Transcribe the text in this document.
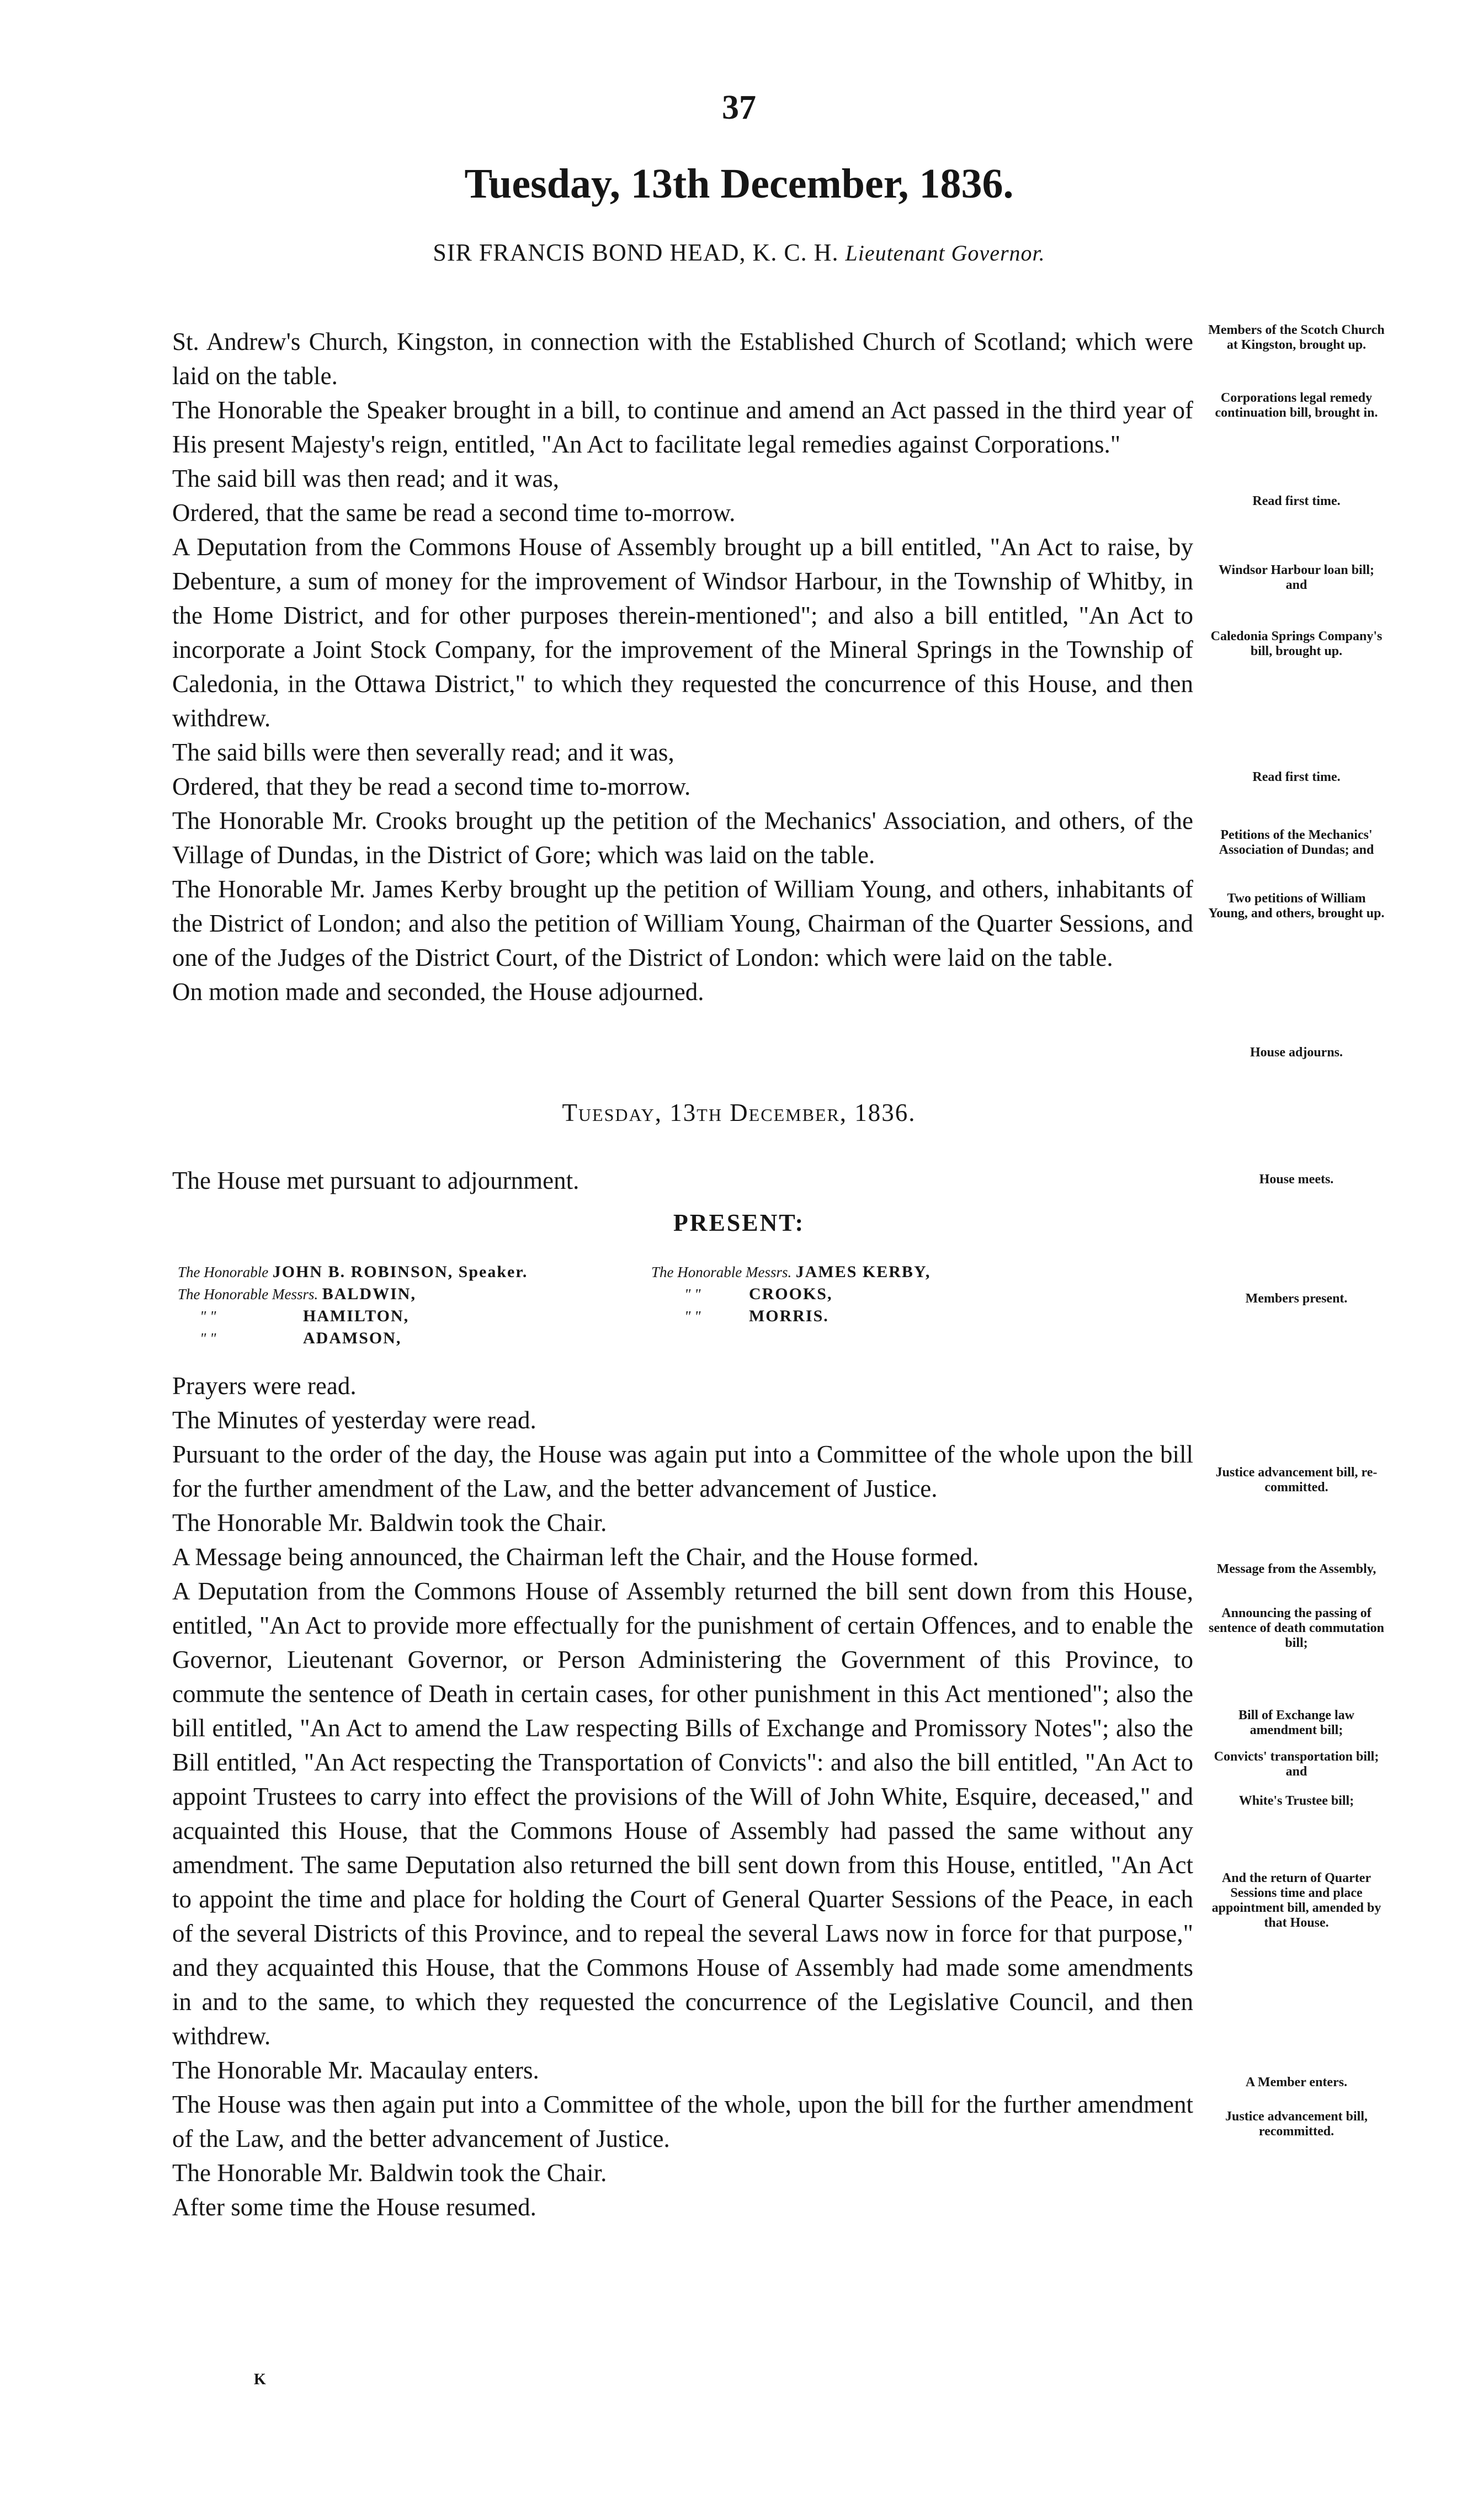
37
Tuesday, 13th December, 1836.
SIR FRANCIS BOND HEAD, K. C. H. Lieutenant Governor.

St. Andrew's Church, Kingston, in connection with the Established Church of Scotland; which were laid on the table.

The Honorable the Speaker brought in a bill, to continue and amend an Act passed in the third year of His present Majesty's reign, entitled, "An Act to facilitate legal remedies against Corporations."

The said bill was then read; and it was,

Ordered, that the same be read a second time to-morrow.

A Deputation from the Commons House of Assembly brought up a bill entitled, "An Act to raise, by Debenture, a sum of money for the improvement of Windsor Harbour, in the Township of Whitby, in the Home District, and for other purposes therein-mentioned"; and also a bill entitled, "An Act to incorporate a Joint Stock Company, for the improvement of the Mineral Springs in the Township of Caledonia, in the Ottawa District," to which they requested the concurrence of this House, and then withdrew.

The said bills were then severally read; and it was,

Ordered, that they be read a second time to-morrow.

The Honorable Mr. Crooks brought up the petition of the Mechanics' Association, and others, of the Village of Dundas, in the District of Gore; which was laid on the table.

The Honorable Mr. James Kerby brought up the petition of William Young, and others, inhabitants of the District of London; and also the petition of William Young, Chairman of the Quarter Sessions, and one of the Judges of the District Court, of the District of London: which were laid on the table.

On motion made and seconded, the House adjourned.

Members of the Scotch Church at Kingston, brought up.
Corporations legal remedy continuation bill, brought in.
Read first time.
Windsor Harbour loan bill; and
Caledonia Springs Company's bill, brought up.
Read first time.
Petitions of the Mechanics' Association of Dundas; and
Two petitions of William Young, and others, brought up.
House adjourns.
Tuesday, 13th December, 1836.
The House met pursuant to adjournment.	House meets.
PRESENT:
The Honorable JOHN B. ROBINSON, Speaker.
The Honorable Messrs. BALDWIN,
" "	HAMILTON,
" "	ADAMSON,
The Honorable Messrs. JAMES KERBY,
" "	CROOKS,
" "	MORRIS.
Members present.

Prayers were read.

The Minutes of yesterday were read.

Pursuant to the order of the day, the House was again put into a Committee of the whole upon the bill for the further amendment of the Law, and the better advancement of Justice.

The Honorable Mr. Baldwin took the Chair.

A Message being announced, the Chairman left the Chair, and the House formed.

A Deputation from the Commons House of Assembly returned the bill sent down from this House, entitled, "An Act to provide more effectually for the punishment of certain Offences, and to enable the Governor, Lieutenant Governor, or Person Administering the Government of this Province, to commute the sentence of Death in certain cases, for other punishment in this Act mentioned"; also the bill entitled, "An Act to amend the Law respecting Bills of Exchange and Promissory Notes"; also the Bill entitled, "An Act respecting the Transportation of Convicts": and also the bill entitled, "An Act to appoint Trustees to carry into effect the provisions of the Will of John White, Esquire, deceased," and acquainted this House, that the Commons House of Assembly had passed the same without any amendment. The same Deputation also returned the bill sent down from this House, entitled, "An Act to appoint the time and place for holding the Court of General Quarter Sessions of the Peace, in each of the several Districts of this Province, and to repeal the several Laws now in force for that purpose," and they acquainted this House, that the Commons House of Assembly had made some amendments in and to the same, to which they requested the concurrence of the Legislative Council, and then withdrew.

The Honorable Mr. Macaulay enters.

The House was then again put into a Committee of the whole, upon the bill for the further amendment of the Law, and the better advancement of Justice.

The Honorable Mr. Baldwin took the Chair.

After some time the House resumed.

Justice advancement bill, re-committed.
Message from the Assembly,
Announcing the passing of sentence of death commutation bill;
Bill of Exchange law amendment bill;
Convicts' transportation bill; and
White's Trustee bill;
And the return of Quarter Sessions time and place appointment bill, amended by that House.
A Member enters.
Justice advancement bill, recommitted.
K
